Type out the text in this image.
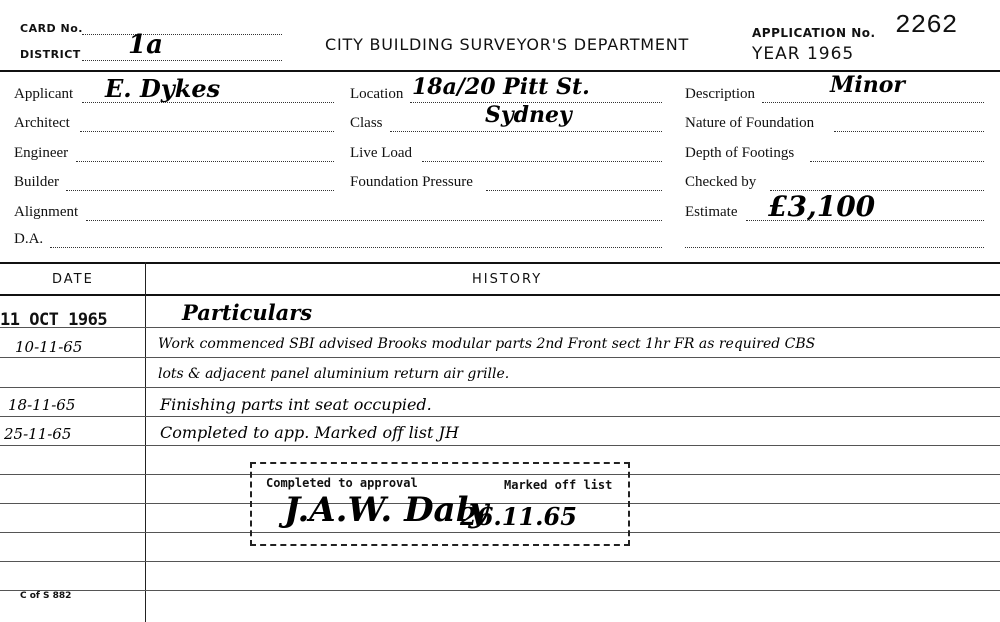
CARD No.
DISTRICT 1a	CITY BUILDING SURVEYOR'S DEPARTMENT
APPLICATION No. 2262
YEAR 1965
Applicant E. Dykes
Architect
Engineer
Builder
Alignment
D.A.
Location 18a/20 Pitt St.
Class	Sydney
Live Load
Foundation Pressure
Description	Minor
Nature of Foundation
Depth of Footings
Checked by
Estimate £3,100
DATE	HISTORY
11 OCT 1965	Particulars
10-11-65	Work commenced SBI advised Brooks modular parts 2nd Front sect 1hr FR as required CBS
lots & adjacent panel aluminium return air grille.
18-11-65	Finishing parts int seat occupied.
25-11-65	Completed to app. Marked off list JH
Completed to approval	Marked off list
J.A.W. Daly
26.11.65
C of S 882
